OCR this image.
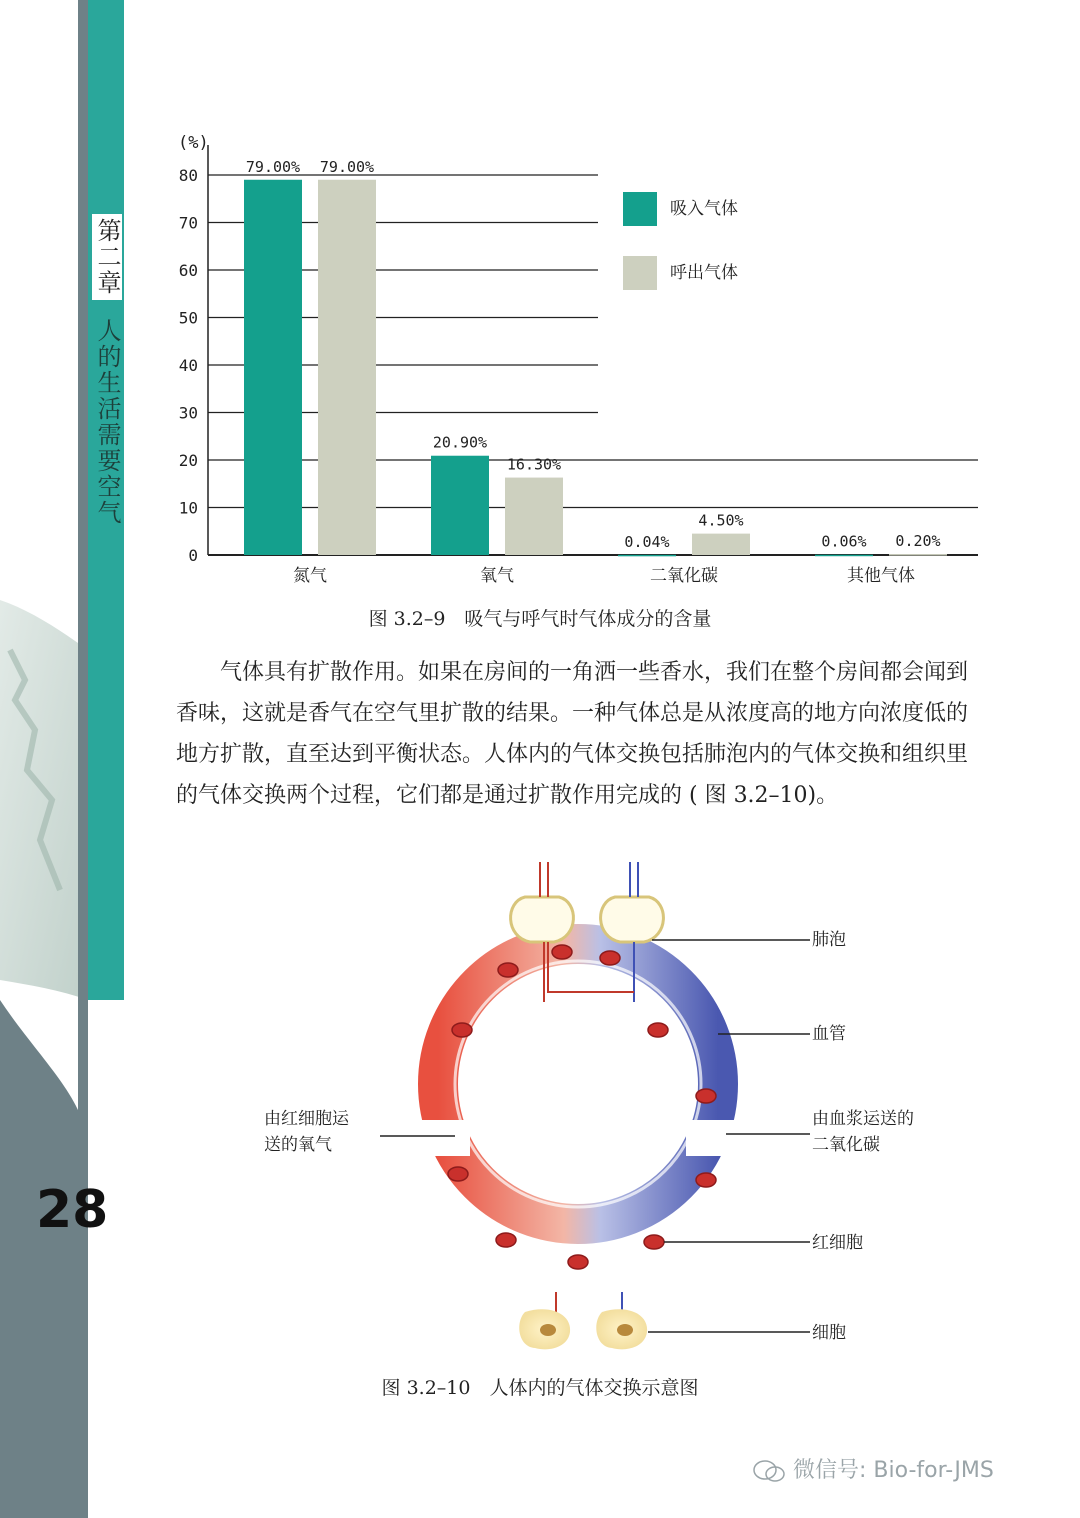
第二章 人的生活需要空气
28
0
10
20
30
40
50
60
70
80
(%)
79.00% 79.00%
氮气
20.90%
16.30%
氧气
0.04%
4.50%
二氧化碳
0.06% 0.20%
其他气体
吸入气体
呼出气体
图 3.2–9　吸气与呼气时气体成分的含量

气体具有扩散作用。如果在房间的一角洒一些香水，我们在整个房间都会闻到香味，这就是香气在空气里扩散的结果。一种气体总是从浓度高的地方向浓度低的地方扩散，直至达到平衡状态。人体内的气体交换包括肺泡内的气体交换和组织里的气体交换两个过程，它们都是通过扩散作用完成的 ( 图 3.2–10)。

肺泡
血管
由红细胞运
送的氧气
由血浆运送的
二氧化碳
红细胞
细胞
图 3.2–10　人体内的气体交换示意图
微信号: Bio-for-JMS
